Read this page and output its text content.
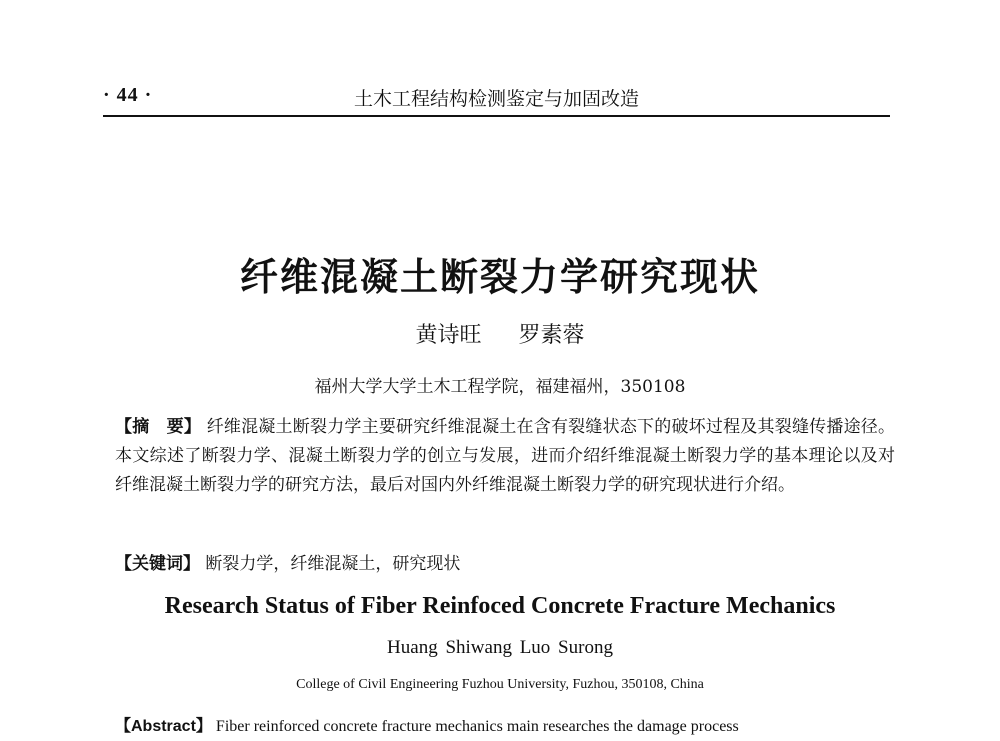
· 44 ·	土木工程结构检测鉴定与加固改造
纤维混凝土断裂力学研究现状
黄诗旺 罗素蓉
福州大学大学土木工程学院，福建福州，350108

【摘　要】 纤维混凝土断裂力学主要研究纤维混凝土在含有裂缝状态下的破坏过程及其裂缝传播途径。本文综述了断裂力学、混凝土断裂力学的创立与发展，进而介绍纤维混凝土断裂力学的基本理论以及对纤维混凝土断裂力学的研究方法，最后对国内外纤维混凝土断裂力学的研究现状进行介绍。

【关键词】 断裂力学，纤维混凝土，研究现状

Research Status of Fiber Reinfoced Concrete Fracture Mechanics
Huang Shiwang Luo Surong
College of Civil Engineering Fuzhou University, Fuzhou, 350108, China

【Abstract】 Fiber reinforced concrete fracture mechanics main researches the damage process
